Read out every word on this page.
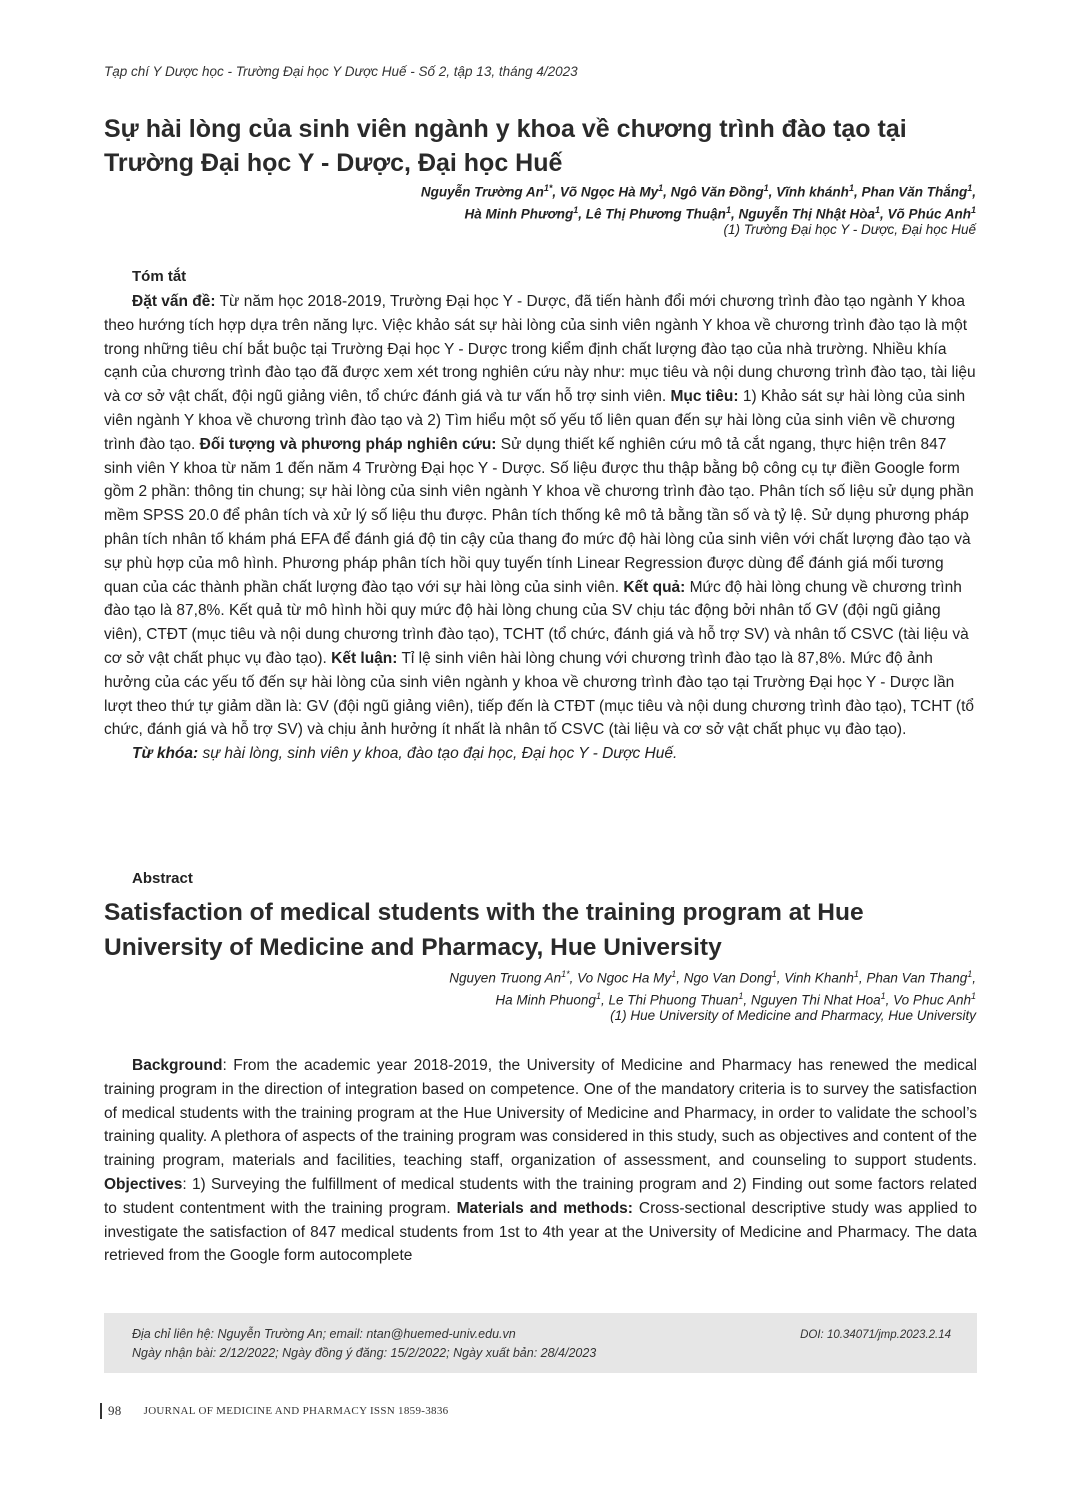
Tạp chí Y Dược học - Trường Đại học Y Dược Huế - Số 2, tập 13, tháng 4/2023
Sự hài lòng của sinh viên ngành y khoa về chương trình đào tạo tại
Trường Đại học Y - Dược, Đại học Huế
Nguyễn Trường $An^{1*}$, Võ Ngọc Hà My$^1$, Ngô Văn Đồng$^1$, Vĩnh khánh$^1$, Phan Văn Thắng$^1$,
Hà Minh Phương$^1$, Lê Thị Phương Thuận$^1$, Nguyễn Thị Nhật Hòa$^1$, Võ Phúc Anh$^1$
(1) Trường Đại học Y - Dược, Đại học Huế
Tóm tắt

Đặt vấn đề: Từ năm học 2018-2019, Trường Đại học Y - Dược, đã tiến hành đổi mới chương trình đào tạo ngành Y khoa theo hướng tích hợp dựa trên năng lực. Việc khảo sát sự hài lòng của sinh viên ngành Y khoa về chương trình đào tạo là một trong những tiêu chí bắt buộc tại Trường Đại học Y - Dược trong kiểm định chất lượng đào tạo của nhà trường. Nhiều khía cạnh của chương trình đào tạo đã được xem xét trong nghiên cứu này như: mục tiêu và nội dung chương trình đào tạo, tài liệu và cơ sở vật chất, đội ngũ giảng viên, tổ chức đánh giá và tư vấn hỗ trợ sinh viên. Mục tiêu: 1) Khảo sát sự hài lòng của sinh viên ngành Y khoa về chương trình đào tạo và 2) Tìm hiểu một số yếu tố liên quan đến sự hài lòng của sinh viên về chương trình đào tạo. Đối tượng và phương pháp nghiên cứu: Sử dụng thiết kế nghiên cứu mô tả cắt ngang, thực hiện trên 847 sinh viên Y khoa từ năm 1 đến năm 4 Trường Đại học Y - Dược. Số liệu được thu thập bằng bộ công cụ tự điền Google form gồm 2 phần: thông tin chung; sự hài lòng của sinh viên ngành Y khoa về chương trình đào tạo. Phân tích số liệu sử dụng phần mềm SPSS 20.0 để phân tích và xử lý số liệu thu được. Phân tích thống kê mô tả bằng tần số và tỷ lệ. Sử dụng phương pháp phân tích nhân tố khám phá EFA để đánh giá độ tin cậy của thang đo mức độ hài lòng của sinh viên với chất lượng đào tạo và sự phù hợp của mô hình. Phương pháp phân tích hồi quy tuyến tính Linear Regression được dùng để đánh giá mối tương quan của các thành phần chất lượng đào tạo với sự hài lòng của sinh viên. Kết quả: Mức độ hài lòng chung về chương trình đào tạo là 87,8%. Kết quả từ mô hình hồi quy mức độ hài lòng chung của SV chịu tác động bởi nhân tố GV (đội ngũ giảng viên), CTĐT (mục tiêu và nội dung chương trình đào tạo), TCHT (tổ chức, đánh giá và hỗ trợ SV) và nhân tố CSVC (tài liệu và cơ sở vật chất phục vụ đào tạo). Kết luận: Tỉ lệ sinh viên hài lòng chung với chương trình đào tạo là 87,8%. Mức độ ảnh hưởng của các yếu tố đến sự hài lòng của sinh viên ngành y khoa về chương trình đào tạo tại Trường Đại học Y - Dược lần lượt theo thứ tự giảm dần là: GV (đội ngũ giảng viên), tiếp đến là CTĐT (mục tiêu và nội dung chương trình đào tạo), TCHT (tổ chức, đánh giá và hỗ trợ SV) và chịu ảnh hưởng ít nhất là nhân tố CSVC (tài liệu và cơ sở vật chất phục vụ đào tạo).

Từ khóa: sự hài lòng, sinh viên y khoa, đào tạo đại học, Đại học Y - Dược Huế.

Abstract
Satisfaction of medical students with the training program at Hue
University of Medicine and Pharmacy, Hue University
Nguyen Truong $An^{1*}$, Vo Ngoc Ha My$^1$, Ngo Van Dong$^1$, Vinh Khanh$^1$, Phan Van Thang$^1$,
Ha Minh Phuong$^1$, Le Thi Phuong Thuan$^1$, Nguyen Thi Nhat Hoa$^1$, Vo Phuc Anh$^1$
(1) Hue University of Medicine and Pharmacy, Hue University

Background: From the academic year 2018-2019, the University of Medicine and Pharmacy has renewed the medical training program in the direction of integration based on competence. One of the mandatory criteria is to survey the satisfaction of medical students with the training program at the Hue University of Medicine and Pharmacy, in order to validate the school’s training quality. A plethora of aspects of the training program was considered in this study, such as objectives and content of the training program, materials and facilities, teaching staff, organization of assessment, and counseling to support students. Objectives: 1) Surveying the fulfillment of medical students with the training program and 2) Finding out some factors related to student contentment with the training program. Materials and methods: Cross-sectional descriptive study was applied to investigate the satisfaction of 847 medical students from 1st to 4th year at the University of Medicine and Pharmacy. The data retrieved from the Google form autocomplete

Địa chỉ liên hệ: Nguyễn Trường An; email: ntan@huemed-univ.edu.vn
Ngày nhận bài: 2/12/2022; Ngày đồng ý đăng: 15/2/2022; Ngày xuất bản: 28/4/2023
DOI: 10.34071/jmp.2023.2.14
98 JOURNAL OF MEDICINE AND PHARMACY ISSN 1859-3836
